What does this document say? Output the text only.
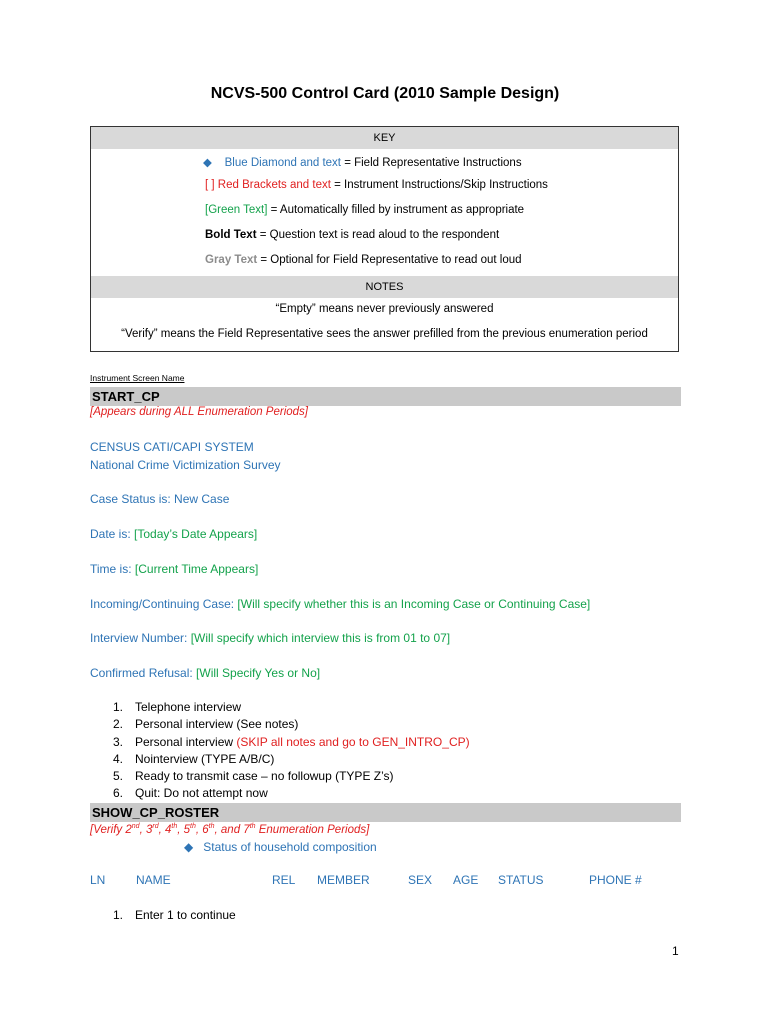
NCVS-500 Control Card (2010 Sample Design)
KEY
◆ Blue Diamond and text = Field Representative Instructions
[ ] Red Brackets and text = Instrument Instructions/Skip Instructions
[Green Text] = Automatically filled by instrument as appropriate
Bold Text = Question text is read aloud to the respondent
Gray Text = Optional for Field Representative to read out loud
NOTES
“Empty” means never previously answered
“Verify” means the Field Representative sees the answer prefilled from the previous enumeration period
Instrument Screen Name
START_CP
[Appears during ALL Enumeration Periods]
CENSUS CATI/CAPI SYSTEM
National Crime Victimization Survey
Case Status is: New Case
Date is: [Today’s Date Appears]
Time is: [Current Time Appears]
Incoming/Continuing Case: [Will specify whether this is an Incoming Case or Continuing Case]
Interview Number: [Will specify which interview this is from 01 to 07]
Confirmed Refusal: [Will Specify Yes or No]
1. Telephone interview
2. Personal interview (See notes)
3. Personal interview (SKIP all notes and go to GEN_INTRO_CP)
4. Nointerview (TYPE A/B/C)
5. Ready to transmit case – no followup (TYPE Z’s)
6. Quit: Do not attempt now
SHOW_CP_ROSTER
[Verify 2nd, 3rd, 4th, 5th, 6th, and 7th Enumeration Periods]
◆ Status of household composition
LN	NAME	REL MEMBER	SEX AGE STATUS	PHONE #
1. Enter 1 to continue
1
